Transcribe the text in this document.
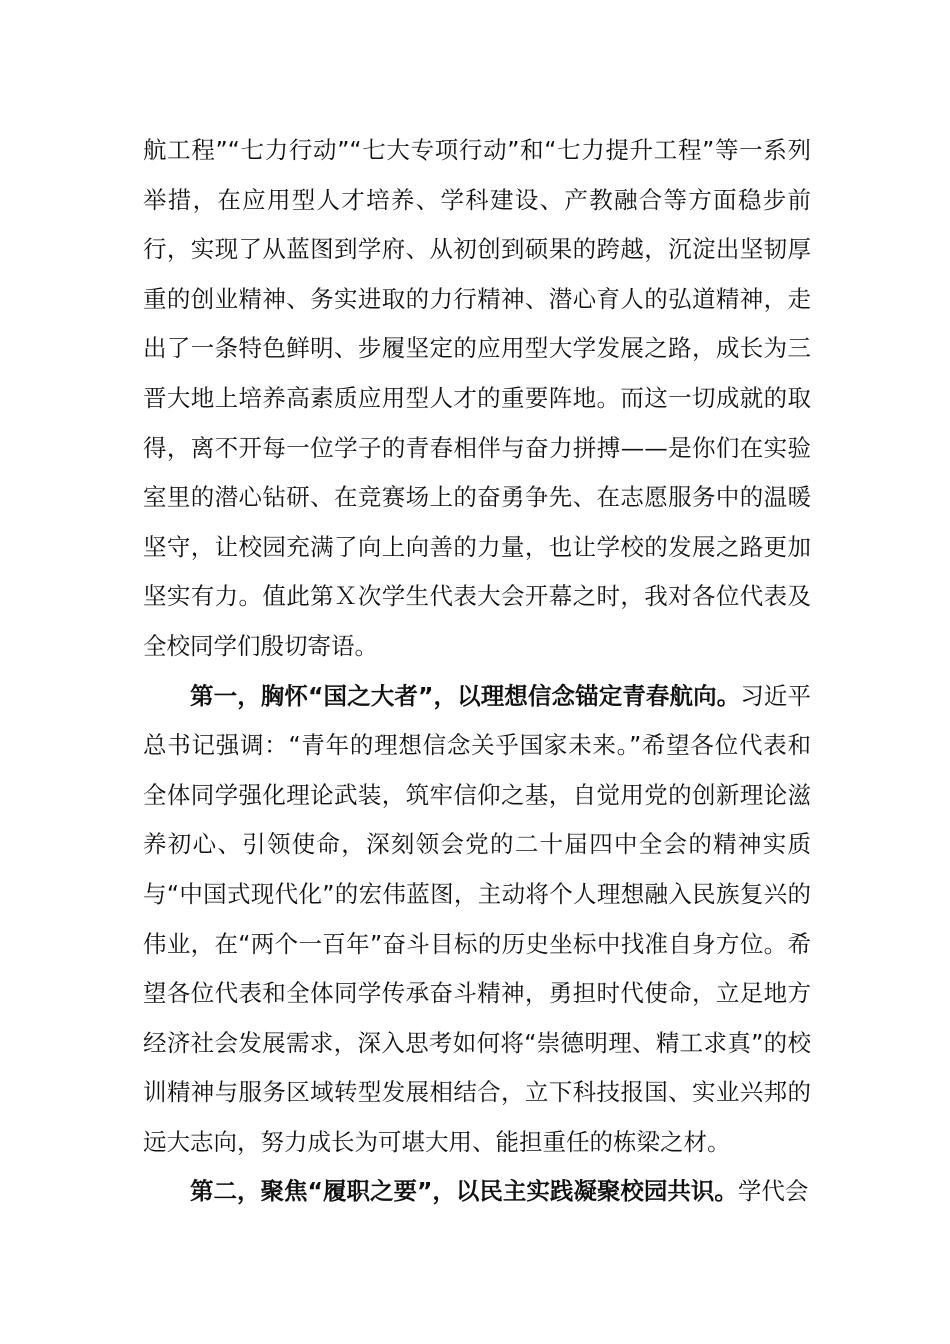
航工程”“七力行动”“七大专项行动”和“七力提升工程”等一系列举措，在应用型人才培养、学科建设、产教融合等方面稳步前行，实现了从蓝图到学府、从初创到硕果的跨越，沉淀出坚韧厚重的创业精神、务实进取的力行精神、潜心育人的弘道精神，走出了一条特色鲜明、步履坚定的应用型大学发展之路，成长为三晋大地上培养高素质应用型人才的重要阵地。而这一切成就的取得，离不开每一位学子的青春相伴与奋力拼搏——是你们在实验室里的潜心钻研、在竞赛场上的奋勇争先、在志愿服务中的温暖坚守，让校园充满了向上向善的力量，也让学校的发展之路更加坚实有力。值此第Ｘ次学生代表大会开幕之时，我对各位代表及全校同学们殷切寄语。

第一，胸怀“国之大者”，以理想信念锚定青春航向。习近平总书记强调：“青年的理想信念关乎国家未来。”希望各位代表和全体同学强化理论武装，筑牢信仰之基，自觉用党的创新理论滋养初心、引领使命，深刻领会党的二十届四中全会的精神实质与“中国式现代化”的宏伟蓝图，主动将个人理想融入民族复兴的伟业，在“两个一百年”奋斗目标的历史坐标中找准自身方位。希望各位代表和全体同学传承奋斗精神，勇担时代使命，立足地方经济社会发展需求，深入思考如何将“崇德明理、精工求真”的校训精神与服务区域转型发展相结合，立下科技报国、实业兴邦的远大志向，努力成长为可堪大用、能担重任的栋梁之材。

第二，聚焦“履职之要”，以民主实践凝聚校园共识。学代会
